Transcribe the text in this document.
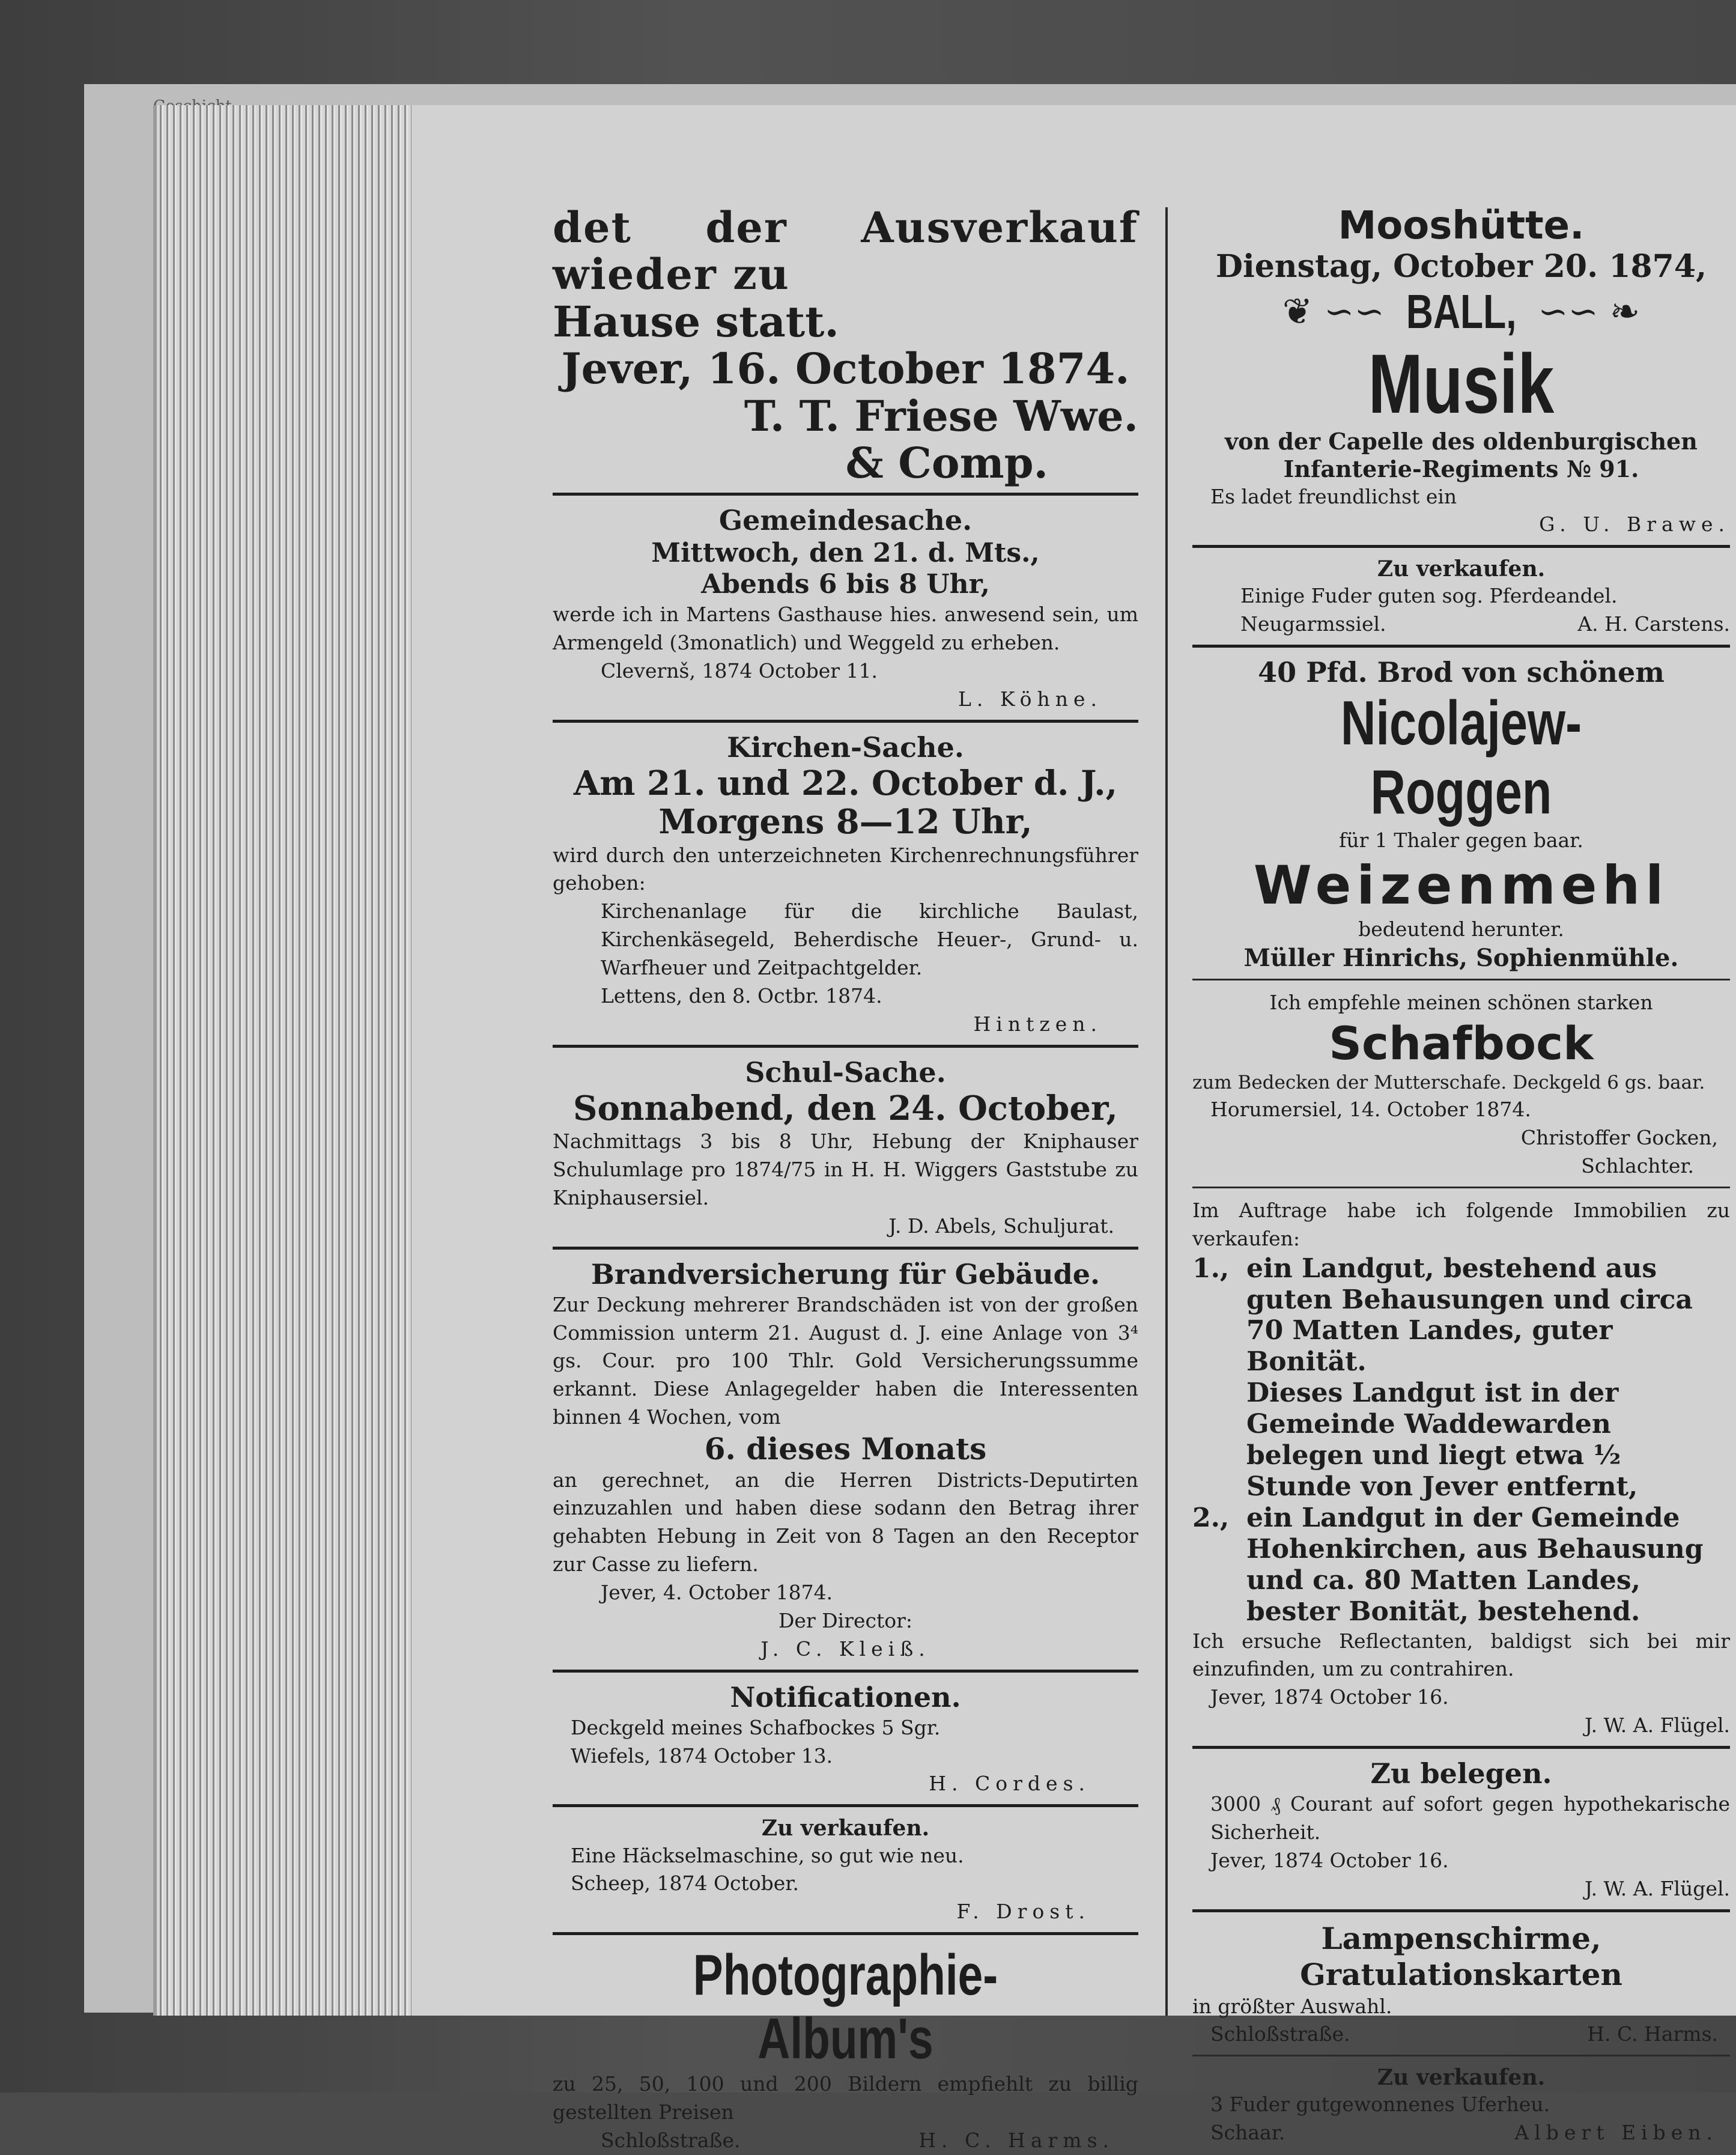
det der Ausverkauf wieder zu

Hause statt.

Jever, 16. October 1874.

T. T. Friese Wwe.

& Comp.

Gemeindesache.

Mittwoch, den 21. d. Mts.,

Abends 6 bis 8 Uhr,

werde ich in Martens Gasthause hies. anwesend sein, um Armengeld (3monatlich) und Weggeld zu erheben.

Clevernš, 1874 October 11.

L. Köhne.

Kirchen-Sache.

Am 21. und 22. October d. J.,

Morgens 8—12 Uhr,

wird durch den unterzeichneten Kirchenrechnungsführer gehoben:

Kirchenanlage für die kirchliche Baulast, Kirchenkäsegeld, Beherdische Heuer-, Grund- u. Warfheuer und Zeitpachtgelder.

Lettens, den 8. Octbr. 1874.

Hintzen.

Schul-Sache.

Sonnabend, den 24. October,

Nachmittags 3 bis 8 Uhr, Hebung der Kniphauser Schulumlage pro 1874/75 in H. H. Wiggers Gaststube zu Kniphausersiel.

J. D. Abels, Schuljurat.

Brandversicherung für Gebäude.

Zur Deckung mehrerer Brandschäden ist von der großen Commission unterm 21. August d. J. eine Anlage von 3⁴ gs. Cour. pro 100 Thlr. Gold Versicherungssumme erkannt. Diese Anlagegelder haben die Interessenten binnen 4 Wochen, vom

6. dieses Monats

an gerechnet, an die Herren Districts-Deputirten einzuzahlen und haben diese sodann den Betrag ihrer gehabten Hebung in Zeit von 8 Tagen an den Receptor zur Casse zu liefern.

Jever, 4. October 1874.

Der Director:

J. C. Kleiß.

Notificationen.

Deckgeld meines Schafbockes 5 Sgr.

Wiefels, 1874 October 13.

H. Cordes.

Zu verkaufen.

Eine Häckselmaschine, so gut wie neu.

Scheep, 1874 October.

F. Drost.

Photographie-Album's

zu 25, 50, 100 und 200 Bildern empfiehlt zu billig gestellten Preisen

Schloßstraße.	H. C. Harms.

Mooshütte.

Dienstag, October 20. 1874,

❦ ∽∽ BALL, ∽∽ ❧
Musik

von der Capelle des oldenburgischen

Infanterie-Regiments № 91.

Es ladet freundlichst ein

G. U. Brawe.

Zu verkaufen.

Einige Fuder guten sog. Pferdeandel.

Neugarmssiel.	A. H. Carstens.

40 Pfd. Brod von schönem

Nicolajew-Roggen

für 1 Thaler gegen baar.

Weizenmehl

bedeutend herunter.

Müller Hinrichs, Sophienmühle.

Ich empfehle meinen schönen starken

Schafbock

zum Bedecken der Mutterschafe. Deckgeld 6 gs. baar.

Horumersiel, 14. October 1874.

Christoffer Gocken,

Schlachter.

Im Auftrage habe ich folgende Immobilien zu verkaufen:

1., ein Landgut, bestehend aus guten Behausungen und circa 70 Matten Landes, guter Bonität.
Dieses Landgut ist in der Gemeinde Waddewarden belegen und liegt etwa ½ Stunde von Jever entfernt,
2., ein Landgut in der Gemeinde Hohenkirchen, aus Behausung und ca. 80 Matten Landes, bester Bonität, bestehend.

Ich ersuche Reflectanten, baldigst sich bei mir einzufinden, um zu contrahiren.

Jever, 1874 October 16.

J. W. A. Flügel.

Zu belegen.

3000 ₰ Courant auf sofort gegen hypothekarische Sicherheit.

Jever, 1874 October 16.

J. W. A. Flügel.

Lampenschirme,

Gratulationskarten

in größter Auswahl.

Schloßstraße.	H. C. Harms.

Zu verkaufen.

3 Fuder gutgewonnenes Uferheu.

Schaar.	Albert Eiben.
